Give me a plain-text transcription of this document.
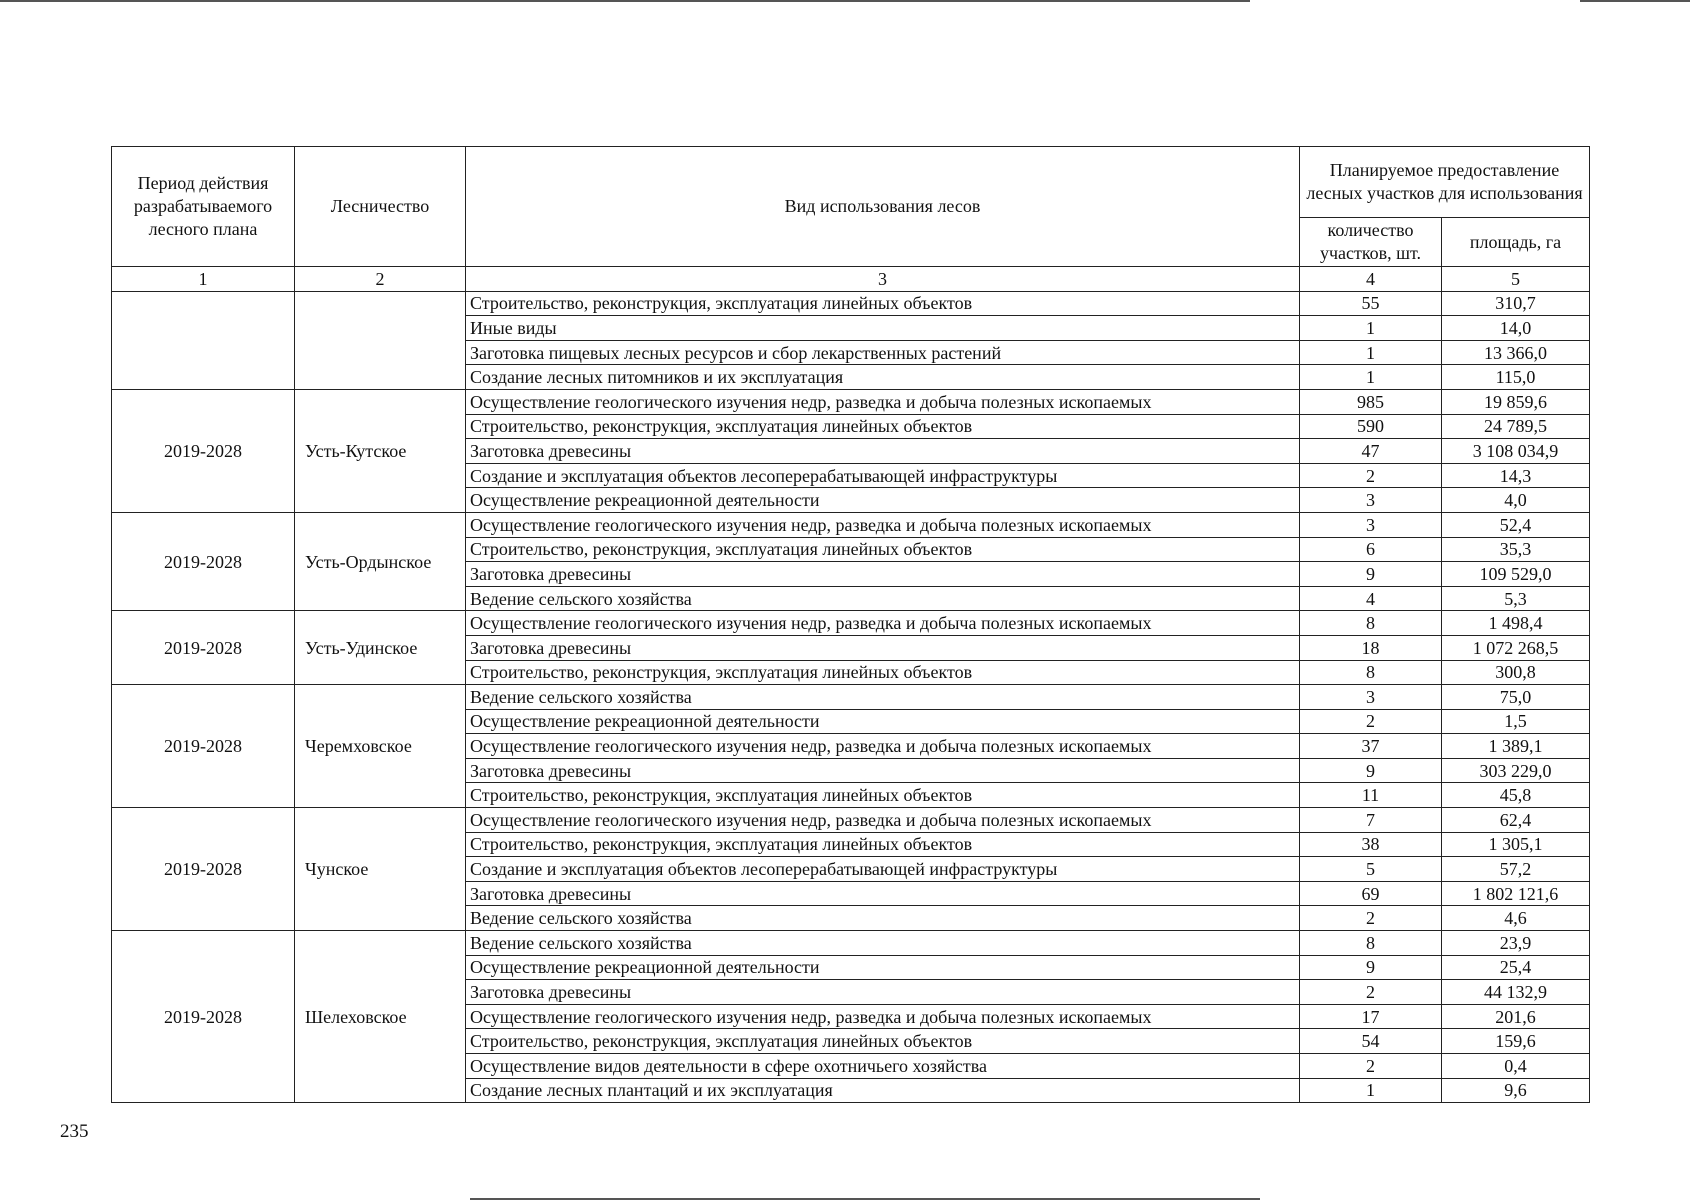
Период действия разрабатываемого лесного плана	Лесничество	Вид использования лесов	Планируемое предоставление лесных участков для использования	
			количество участков, шт.	площадь, га
1	2	3	4	5
		Строительство, реконструкция, эксплуатация линейных объектов	55	310,7
		Иные виды	1	14,0
		Заготовка пищевых лесных ресурсов и сбор лекарственных растений	1	13 366,0
		Создание лесных питомников и их эксплуатация	1	115,0
2019-2028	Усть-Кутское	Осуществление геологического изучения недр, разведка и добыча полезных ископаемых	985	19 859,6
		Строительство, реконструкция, эксплуатация линейных объектов	590	24 789,5
		Заготовка древесины	47	3 108 034,9
		Создание и эксплуатация объектов лесоперерабатывающей инфраструктуры	2	14,3
		Осуществление рекреационной деятельности	3	4,0
2019-2028	Усть-Ордынское	Осуществление геологического изучения недр, разведка и добыча полезных ископаемых	3	52,4
		Строительство, реконструкция, эксплуатация линейных объектов	6	35,3
		Заготовка древесины	9	109 529,0
		Ведение сельского хозяйства	4	5,3
2019-2028	Усть-Удинское	Осуществление геологического изучения недр, разведка и добыча полезных ископаемых	8	1 498,4
		Заготовка древесины	18	1 072 268,5
		Строительство, реконструкция, эксплуатация линейных объектов	8	300,8
2019-2028	Черемховское	Ведение сельского хозяйства	3	75,0
		Осуществление рекреационной деятельности	2	1,5
		Осуществление геологического изучения недр, разведка и добыча полезных ископаемых	37	1 389,1
		Заготовка древесины	9	303 229,0
		Строительство, реконструкция, эксплуатация линейных объектов	11	45,8
2019-2028	Чунское	Осуществление геологического изучения недр, разведка и добыча полезных ископаемых	7	62,4
		Строительство, реконструкция, эксплуатация линейных объектов	38	1 305,1
		Создание и эксплуатация объектов лесоперерабатывающей инфраструктуры	5	57,2
		Заготовка древесины	69	1 802 121,6
		Ведение сельского хозяйства	2	4,6
2019-2028	Шелеховское	Ведение сельского хозяйства	8	23,9
		Осуществление рекреационной деятельности	9	25,4
		Заготовка древесины	2	44 132,9
		Осуществление геологического изучения недр, разведка и добыча полезных ископаемых	17	201,6
		Строительство, реконструкция, эксплуатация линейных объектов	54	159,6
		Осуществление видов деятельности в сфере охотничьего хозяйства	2	0,4
		Создание лесных плантаций и их эксплуатация	1	9,6
235
